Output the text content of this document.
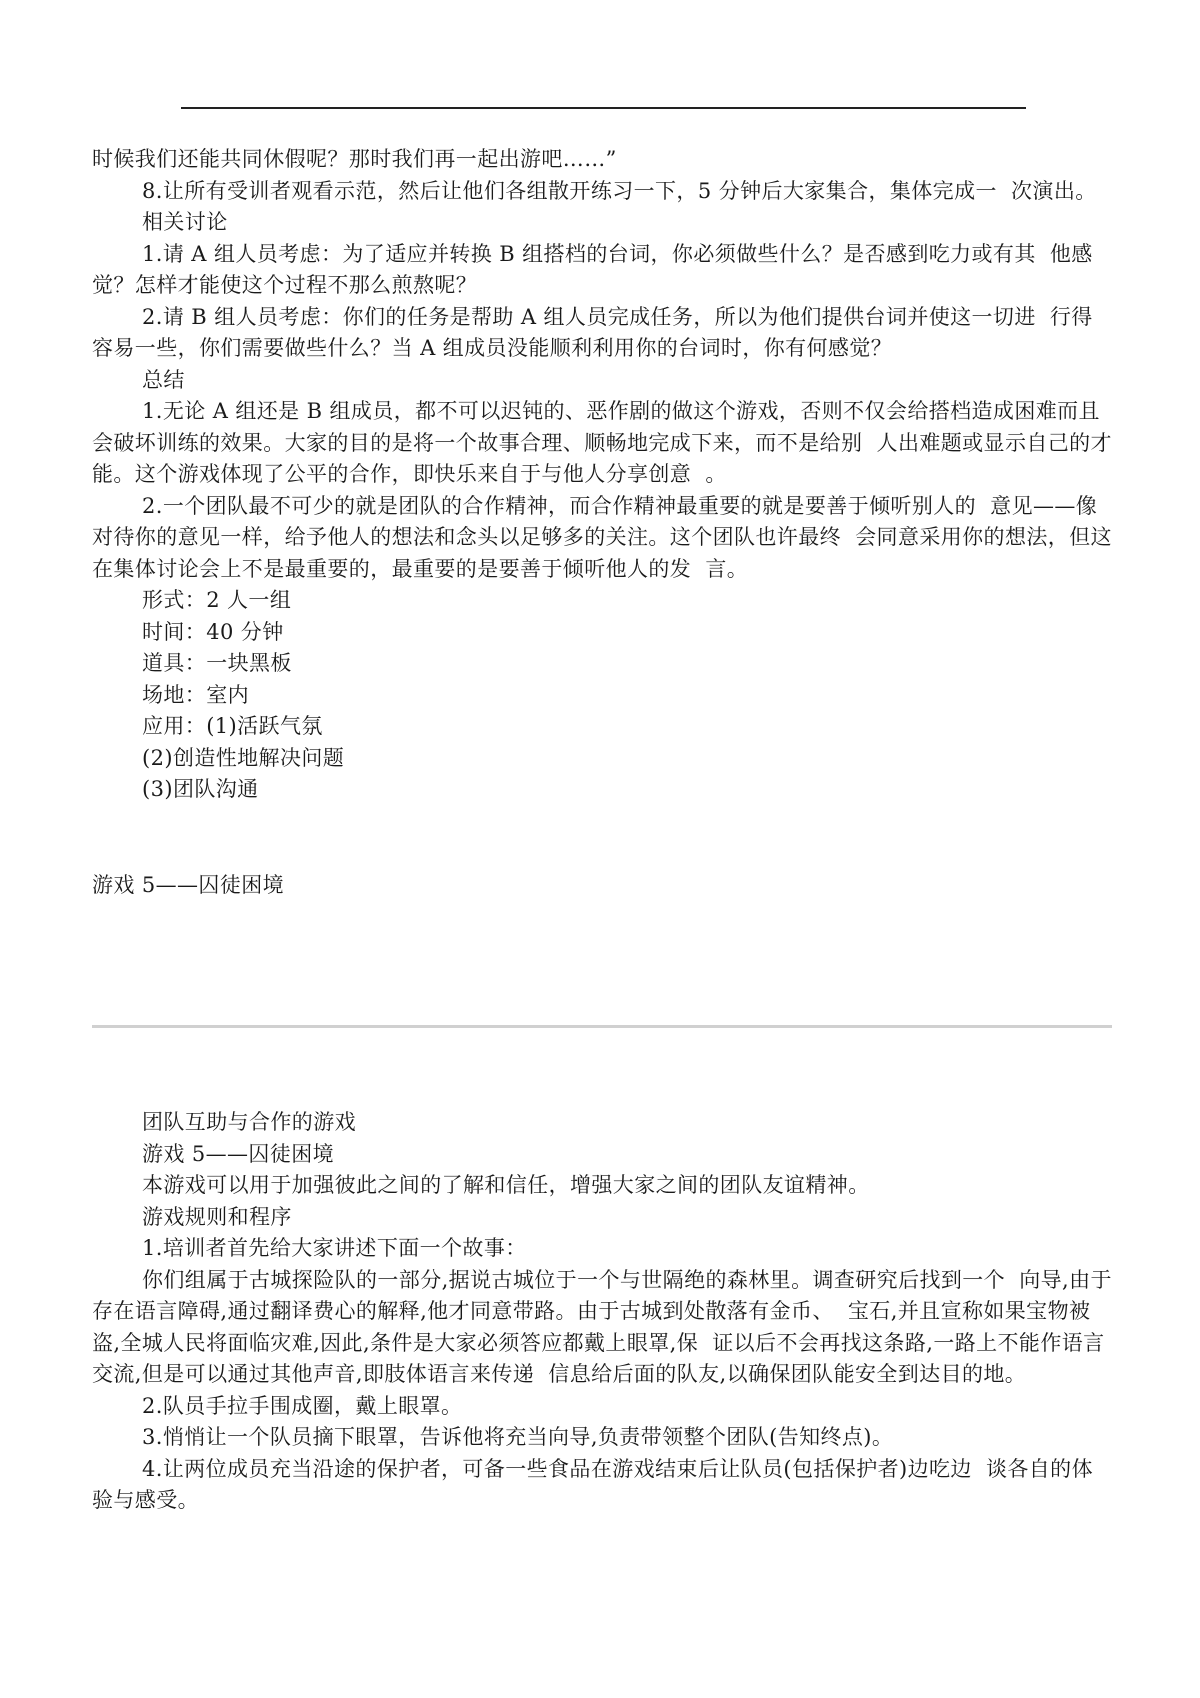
时候我们还能共同休假呢？那时我们再一起出游吧……”

8.让所有受训者观看示范，然后让他们各组散开练习一下，5 分钟后大家集合，集体完成一  次演出。

相关讨论

1.请 A 组人员考虑：为了适应并转换 B 组搭档的台词，你必须做些什么？是否感到吃力或有其  他感觉？怎样才能使这个过程不那么煎熬呢？

2.请 B 组人员考虑：你们的任务是帮助 A 组人员完成任务，所以为他们提供台词并使这一切进  行得容易一些，你们需要做些什么？当 A 组成员没能顺利利用你的台词时，你有何感觉？

总结

1.无论 A 组还是 B 组成员，都不可以迟钝的、恶作剧的做这个游戏，否则不仅会给搭档造成困难而且会破坏训练的效果。大家的目的是将一个故事合理、顺畅地完成下来，而不是给别  人出难题或显示自己的才能。这个游戏体现了公平的合作，即快乐来自于与他人分享创意  。

2.一个团队最不可少的就是团队的合作精神，而合作精神最重要的就是要善于倾听别人的  意见——像对待你的意见一样，给予他人的想法和念头以足够多的关注。这个团队也许最终  会同意采用你的想法，但这在集体讨论会上不是最重要的，最重要的是要善于倾听他人的发  言。

形式：2 人一组

时间：40 分钟

道具：一块黑板

场地：室内

应用：(1)活跃气氛

(2)创造性地解决问题

(3)团队沟通

游戏 5——囚徒困境

团队互助与合作的游戏

游戏 5——囚徒困境

本游戏可以用于加强彼此之间的了解和信任，增强大家之间的团队友谊精神。

游戏规则和程序

1.培训者首先给大家讲述下面一个故事：

你们组属于古城探险队的一部分,据说古城位于一个与世隔绝的森林里。调查研究后找到一个  向导,由于存在语言障碍,通过翻译费心的解释,他才同意带路。由于古城到处散落有金币、  宝石,并且宣称如果宝物被盗,全城人民将面临灾难,因此,条件是大家必须答应都戴上眼罩,保  证以后不会再找这条路,一路上不能作语言交流,但是可以通过其他声音,即肢体语言来传递  信息给后面的队友,以确保团队能安全到达目的地。

2.队员手拉手围成圈，戴上眼罩。

3.悄悄让一个队员摘下眼罩，告诉他将充当向导,负责带领整个团队(告知终点)。

4.让两位成员充当沿途的保护者，可备一些食品在游戏结束后让队员(包括保护者)边吃边  谈各自的体验与感受。
